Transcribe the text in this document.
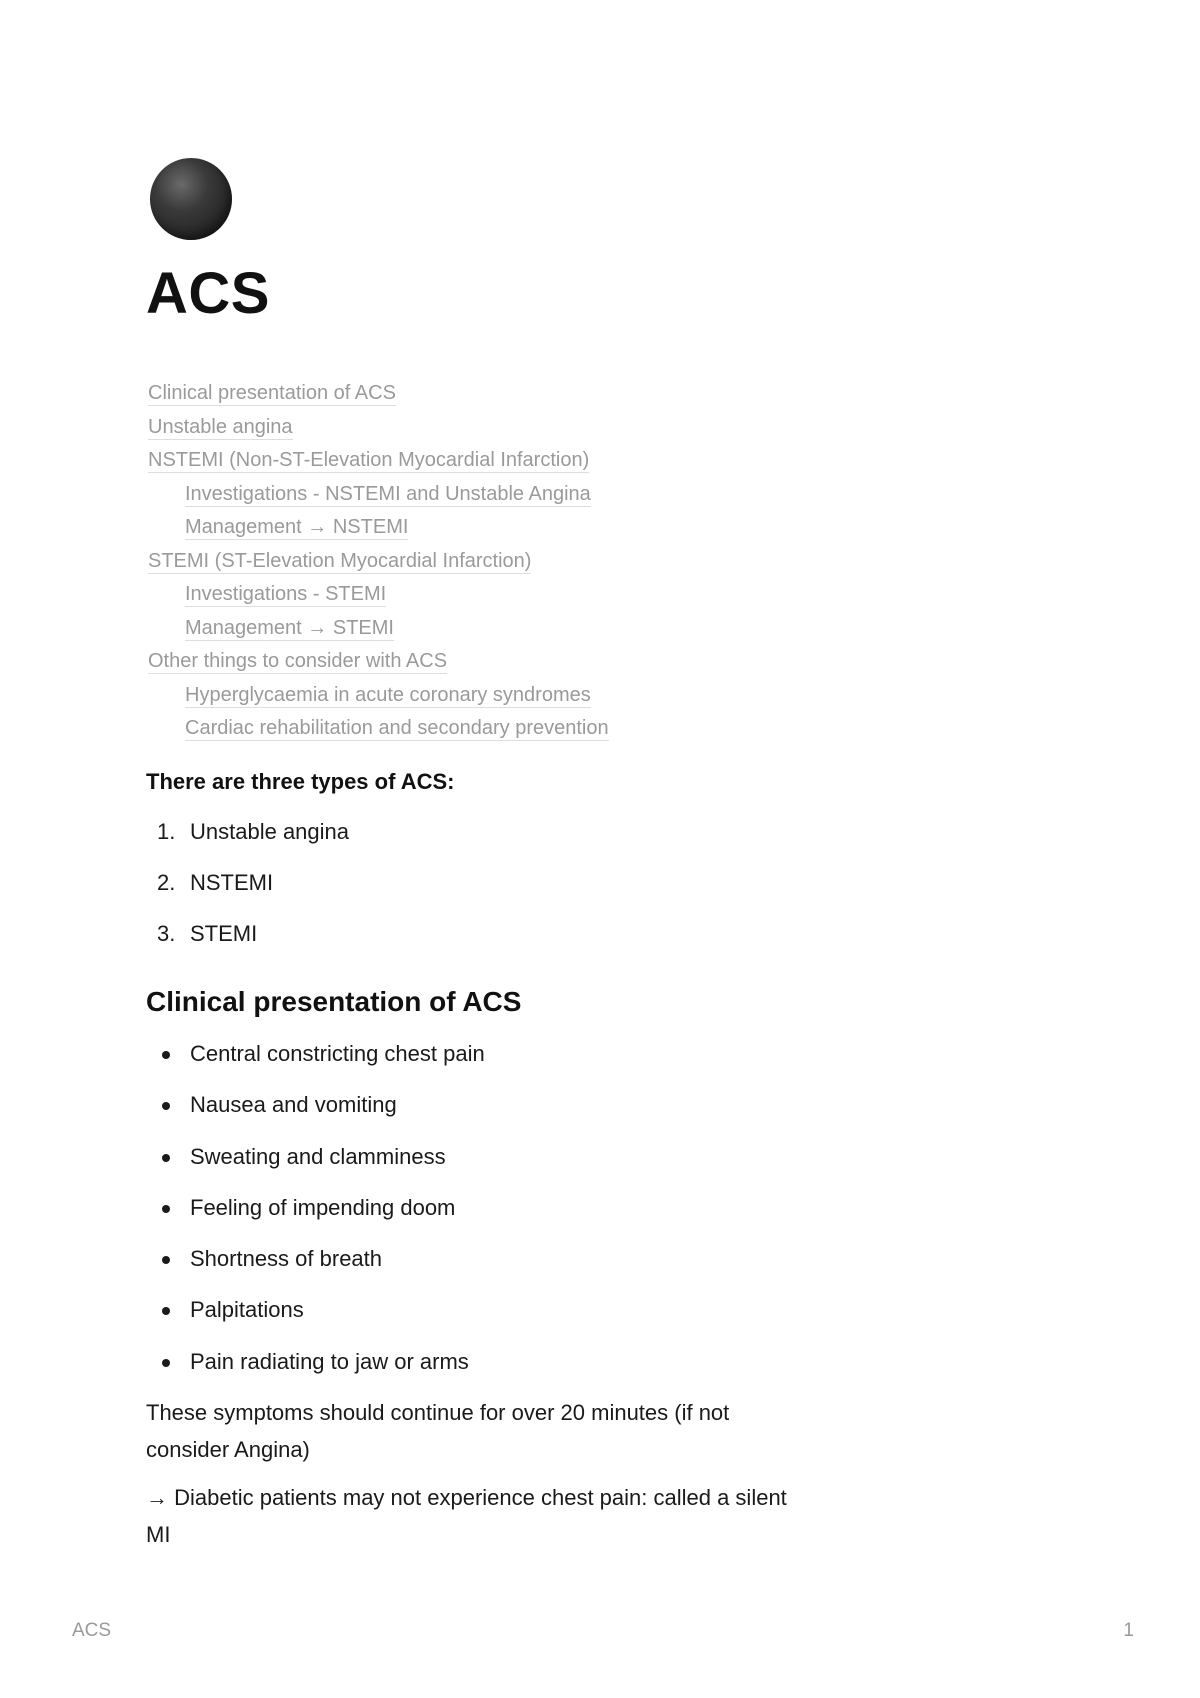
ACS
Clinical presentation of ACS
Unstable angina
NSTEMI (Non-ST-Elevation Myocardial Infarction)
Investigations - NSTEMI and Unstable Angina
Management → NSTEMI
STEMI (ST-Elevation Myocardial Infarction)
Investigations - STEMI
Management → STEMI
Other things to consider with ACS
Hyperglycaemia in acute coronary syndromes
Cardiac rehabilitation and secondary prevention

There are three types of ACS:

1. Unstable angina
2. NSTEMI
3. STEMI
Clinical presentation of ACS
Central constricting chest pain
Nausea and vomiting
Sweating and clamminess
Feeling of impending doom
Shortness of breath
Palpitations
Pain radiating to jaw or arms

These symptoms should continue for over 20 minutes (if not consider Angina)

→ Diabetic patients may not experience chest pain: called a silent MI

ACS	1
